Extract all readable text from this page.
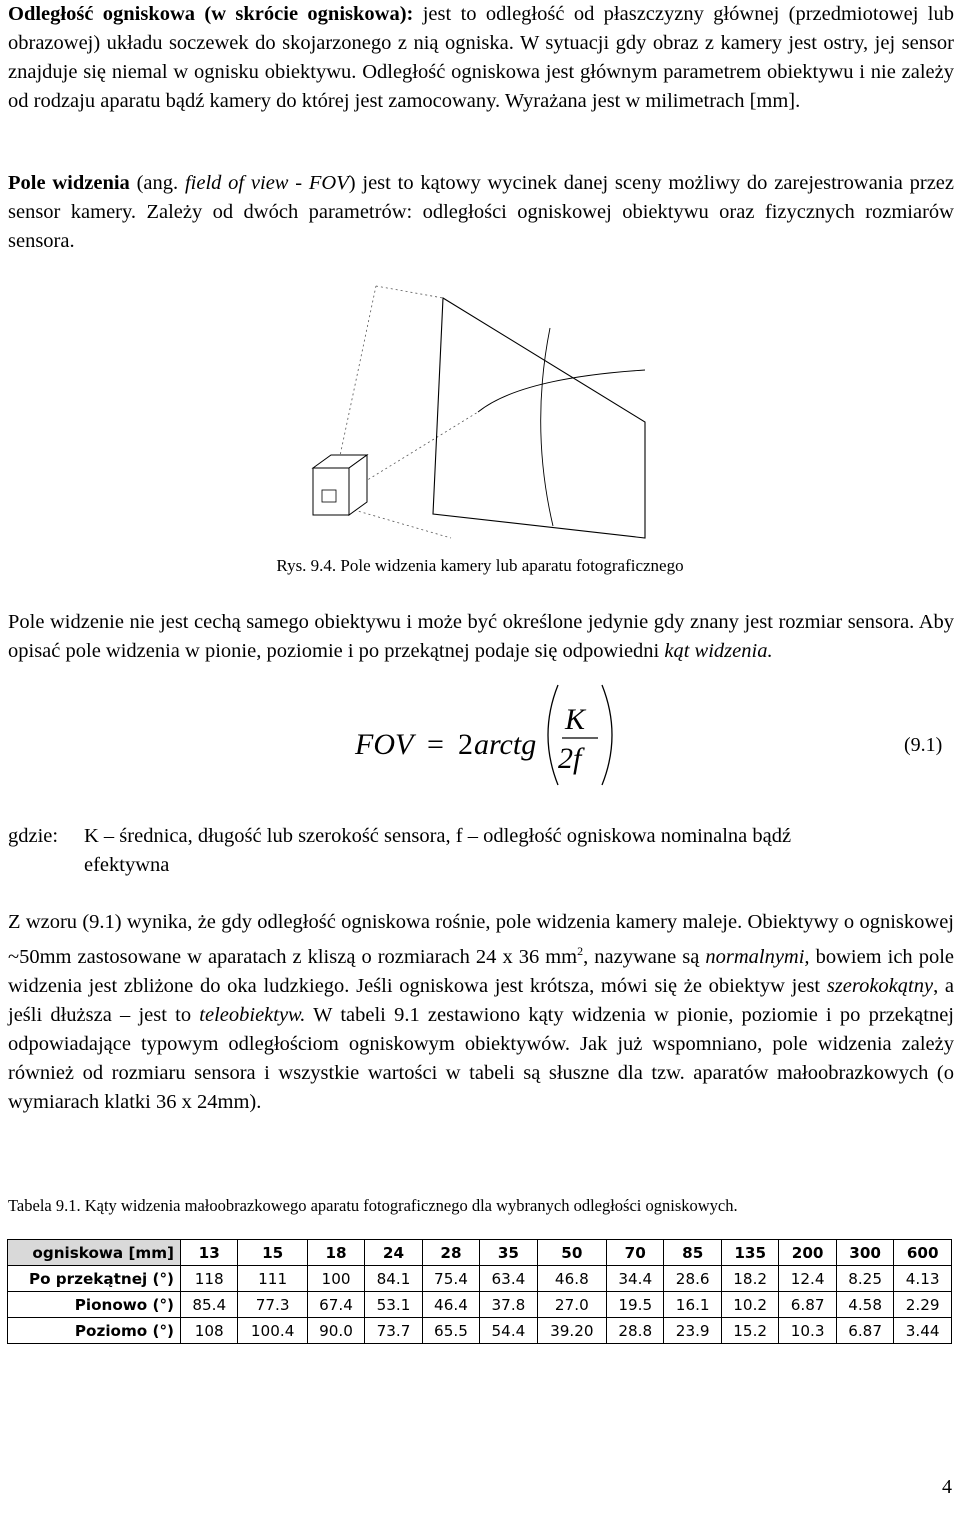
Odległość ogniskowa (w skrócie ogniskowa): jest to odległość od płaszczyzny głównej (przedmiotowej lub obrazowej) układu soczewek do skojarzonego z nią ogniska. W sytuacji gdy obraz z kamery jest ostry, jej sensor znajduje się niemal w ognisku obiektywu. Odległość ogniskowa jest głównym parametrem obiektywu i nie zależy od rodzaju aparatu bądź kamery do której jest zamocowany. Wyrażana jest w milimetrach [mm].
Pole widzenia (ang. field of view - FOV) jest to kątowy wycinek danej sceny możliwy do zarejestrowania przez sensor kamery. Zależy od dwóch parametrów: odległości ogniskowej obiektywu oraz fizycznych rozmiarów sensora.
Rys. 9.4. Pole widzenia kamery lub aparatu fotograficznego
Pole widzenie nie jest cechą samego obiektywu i może być określone jedynie gdy znany jest rozmiar sensora. Aby opisać pole widzenia w pionie, poziomie i po przekątnej podaje się odpowiedni kąt widzenia.
FOV = 2 arctg
K
2f	(9.1)
gdzie: K – średnica, długość lub szerokość sensora, f – odległość ogniskowa nominalna bądź
efektywna
Z wzoru (9.1) wynika, że gdy odległość ogniskowa rośnie, pole widzenia kamery maleje. Obiektywy o ogniskowej ~50mm zastosowane w aparatach z kliszą o rozmiarach 24 x 36 $mm^2$, nazywane są normalnymi, bowiem ich pole widzenia jest zbliżone do oka ludzkiego. Jeśli ogniskowa jest krótsza, mówi się że obiektyw jest szerokokątny, a jeśli dłuższa – jest to teleobiektyw. W tabeli 9.1 zestawiono kąty widzenia w pionie, poziomie i po przekątnej odpowiadające typowym odległościom ogniskowym obiektywów. Jak już wspomniano, pole widzenia zależy również od rozmiaru sensora i wszystkie wartości w tabeli są słuszne dla tzw. aparatów małoobrazkowych (o wymiarach klatki 36 x 24mm).
Tabela 9.1. Kąty widzenia małoobrazkowego aparatu fotograficznego dla wybranych odległości ogniskowych.
ogniskowa [mm]	13	15	18	24	28	35	50	70	85	135	200	300	600
Po przekątnej (°)	118	111	100	84.1	75.4	63.4	46.8	34.4	28.6	18.2	12.4	8.25	4.13
Pionowo (°)	85.4	77.3	67.4	53.1	46.4	37.8	27.0	19.5	16.1	10.2	6.87	4.58	2.29
Poziomo (°)	108	100.4	90.0	73.7	65.5	54.4	39.20	28.8	23.9	15.2	10.3	6.87	3.44
4
